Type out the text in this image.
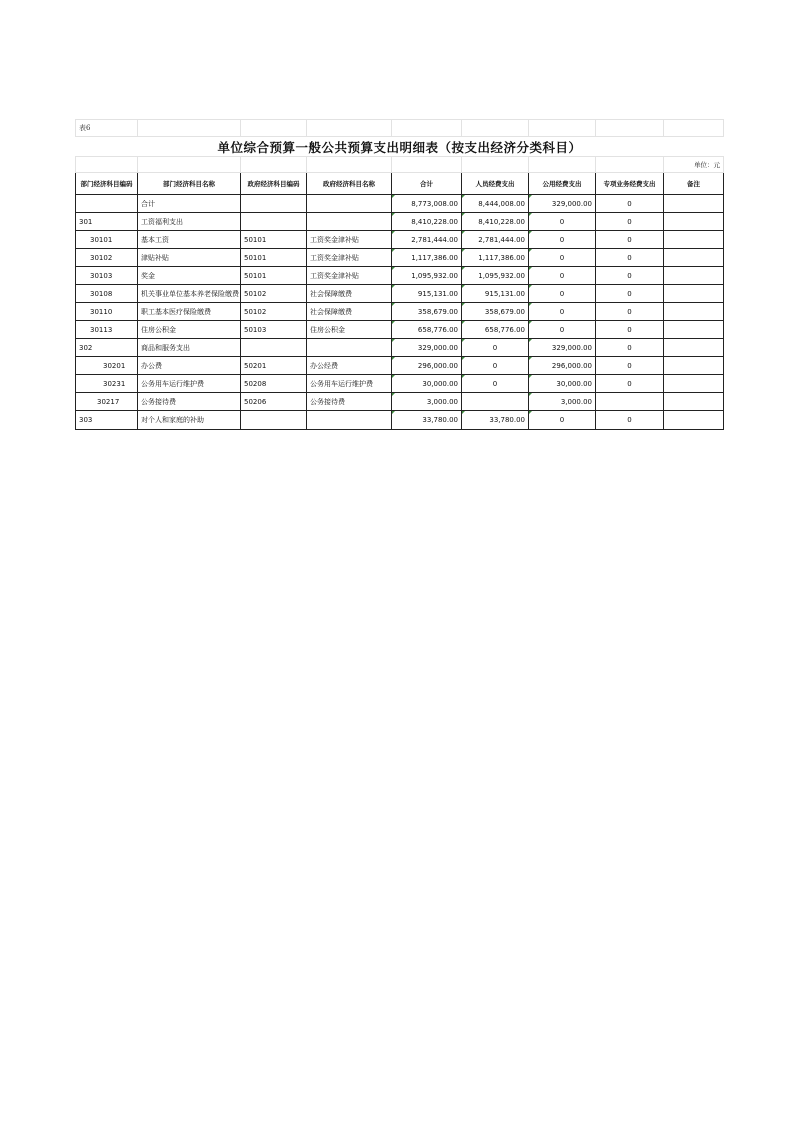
表6								
单位综合预算一般公共预算支出明细表（按支出经济分类科目）								
								单位：元
部门经济科目编码	部门经济科目名称	政府经济科目编码	政府经济科目名称	合计	人员经费支出	公用经费支出	专项业务经费支出	备注
	合计			8,773,008.00	8,444,008.00	329,000.00	0	
301	工资福利支出			8,410,228.00	8,410,228.00	0	0	
30101	基本工资	50101	工资奖金津补贴	2,781,444.00	2,781,444.00	0	0	
30102	津贴补贴	50101	工资奖金津补贴	1,117,386.00	1,117,386.00	0	0	
30103	奖金	50101	工资奖金津补贴	1,095,932.00	1,095,932.00	0	0	
30108	机关事业单位基本养老保险缴费	50102	社会保障缴费	915,131.00	915,131.00	0	0	
30110	职工基本医疗保险缴费	50102	社会保障缴费	358,679.00	358,679.00	0	0	
30113	住房公积金	50103	住房公积金	658,776.00	658,776.00	0	0	
302	商品和服务支出			329,000.00	0	329,000.00	0	
30201	办公费	50201	办公经费	296,000.00	0	296,000.00	0	
30231	公务用车运行维护费	50208	公务用车运行维护费	30,000.00	0	30,000.00	0	
30217	公务接待费	50206	公务接待费	3,000.00		3,000.00		
303	对个人和家庭的补助			33,780.00	33,780.00	0	0	
